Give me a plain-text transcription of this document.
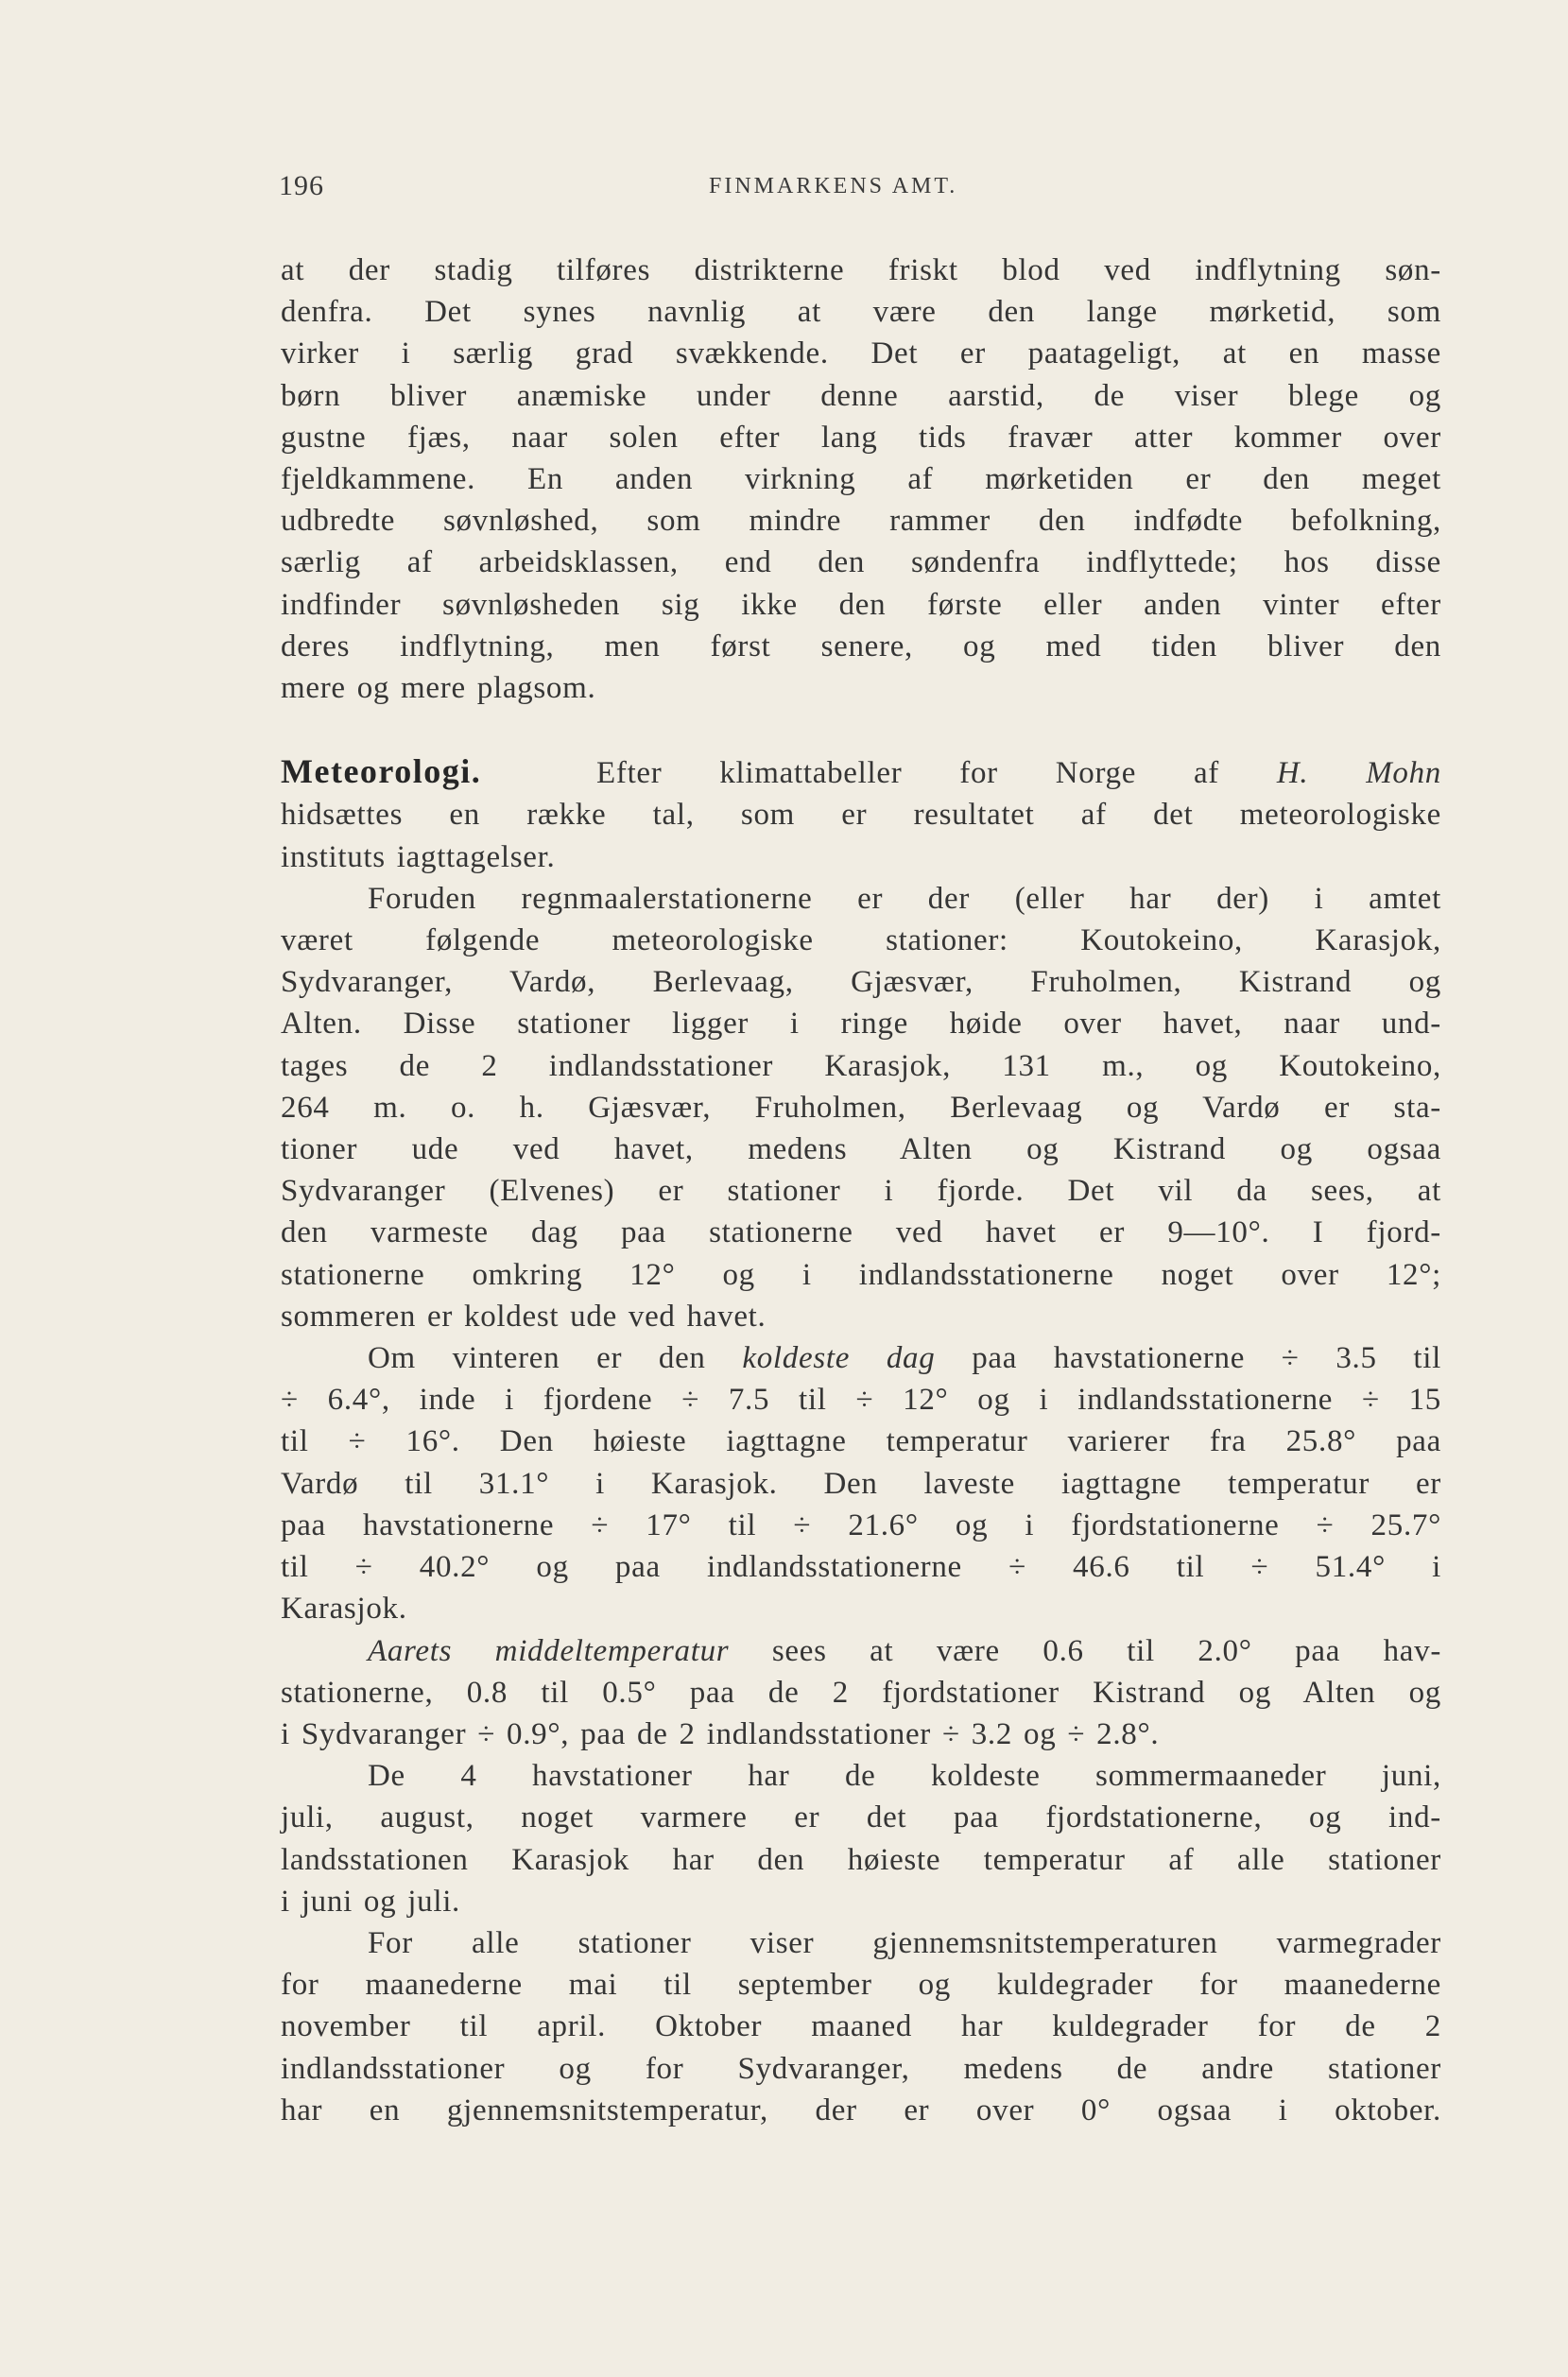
196	FINMARKENS AMT.
at der stadig tilføres distrikterne friskt blod ved indflytning søn-
denfra. Det synes navnlig at være den lange mørketid, som
virker i særlig grad svækkende. Det er paatageligt, at en masse
børn bliver anæmiske under denne aarstid, de viser blege og
gustne fjæs, naar solen efter lang tids fravær atter kommer over
fjeldkammene. En anden virkning af mørketiden er den meget
udbredte søvnløshed, som mindre rammer den indfødte befolkning,
særlig af arbeidsklassen, end den søndenfra indflyttede; hos disse
indfinder søvnløsheden sig ikke den første eller anden vinter efter
deres indflytning, men først senere, og med tiden bliver den
mere og mere plagsom.
Meteorologi.	Efter klimattabeller for Norge af H. Mohn
hidsættes en række tal, som er resultatet af det meteorologiske
instituts iagttagelser.
Foruden regnmaalerstationerne er der (eller har der) i amtet
været følgende meteorologiske stationer: Koutokeino, Karasjok,
Sydvaranger, Vardø, Berlevaag, Gjæsvær, Fruholmen, Kistrand og
Alten. Disse stationer ligger i ringe høide over havet, naar und-
tages de 2 indlandsstationer Karasjok, 131 m., og Koutokeino,
264 m. o. h. Gjæsvær, Fruholmen, Berlevaag og Vardø er sta-
tioner ude ved havet, medens Alten og Kistrand og ogsaa
Sydvaranger (Elvenes) er stationer i fjorde. Det vil da sees, at
den varmeste dag paa stationerne ved havet er 9—10°. I fjord-
stationerne omkring 12° og i indlandsstationerne noget over 12°;
sommeren er koldest ude ved havet.
Om vinteren er den koldeste dag paa havstationerne ÷ 3.5 til
÷ 6.4°, inde i fjordene ÷ 7.5 til ÷ 12° og i indlandsstationerne ÷ 15
til ÷ 16°. Den høieste iagttagne temperatur varierer fra 25.8° paa
Vardø til 31.1° i Karasjok. Den laveste iagttagne temperatur er
paa havstationerne ÷ 17° til ÷ 21.6° og i fjordstationerne ÷ 25.7°
til ÷ 40.2° og paa indlandsstationerne ÷ 46.6 til ÷ 51.4° i
Karasjok.
Aarets middeltemperatur sees at være 0.6 til 2.0° paa hav-
stationerne, 0.8 til 0.5° paa de 2 fjordstationer Kistrand og Alten og
i Sydvaranger ÷ 0.9°, paa de 2 indlandsstationer ÷ 3.2 og ÷ 2.8°.
De 4 havstationer har de koldeste sommermaaneder juni,
juli, august, noget varmere er det paa fjordstationerne, og ind-
landsstationen Karasjok har den høieste temperatur af alle stationer
i juni og juli.
For alle stationer viser gjennemsnitstemperaturen varmegrader
for maanederne mai til september og kuldegrader for maanederne
november til april. Oktober maaned har kuldegrader for de 2
indlandsstationer og for Sydvaranger, medens de andre stationer
har en gjennemsnitstemperatur, der er over 0° ogsaa i oktober.
